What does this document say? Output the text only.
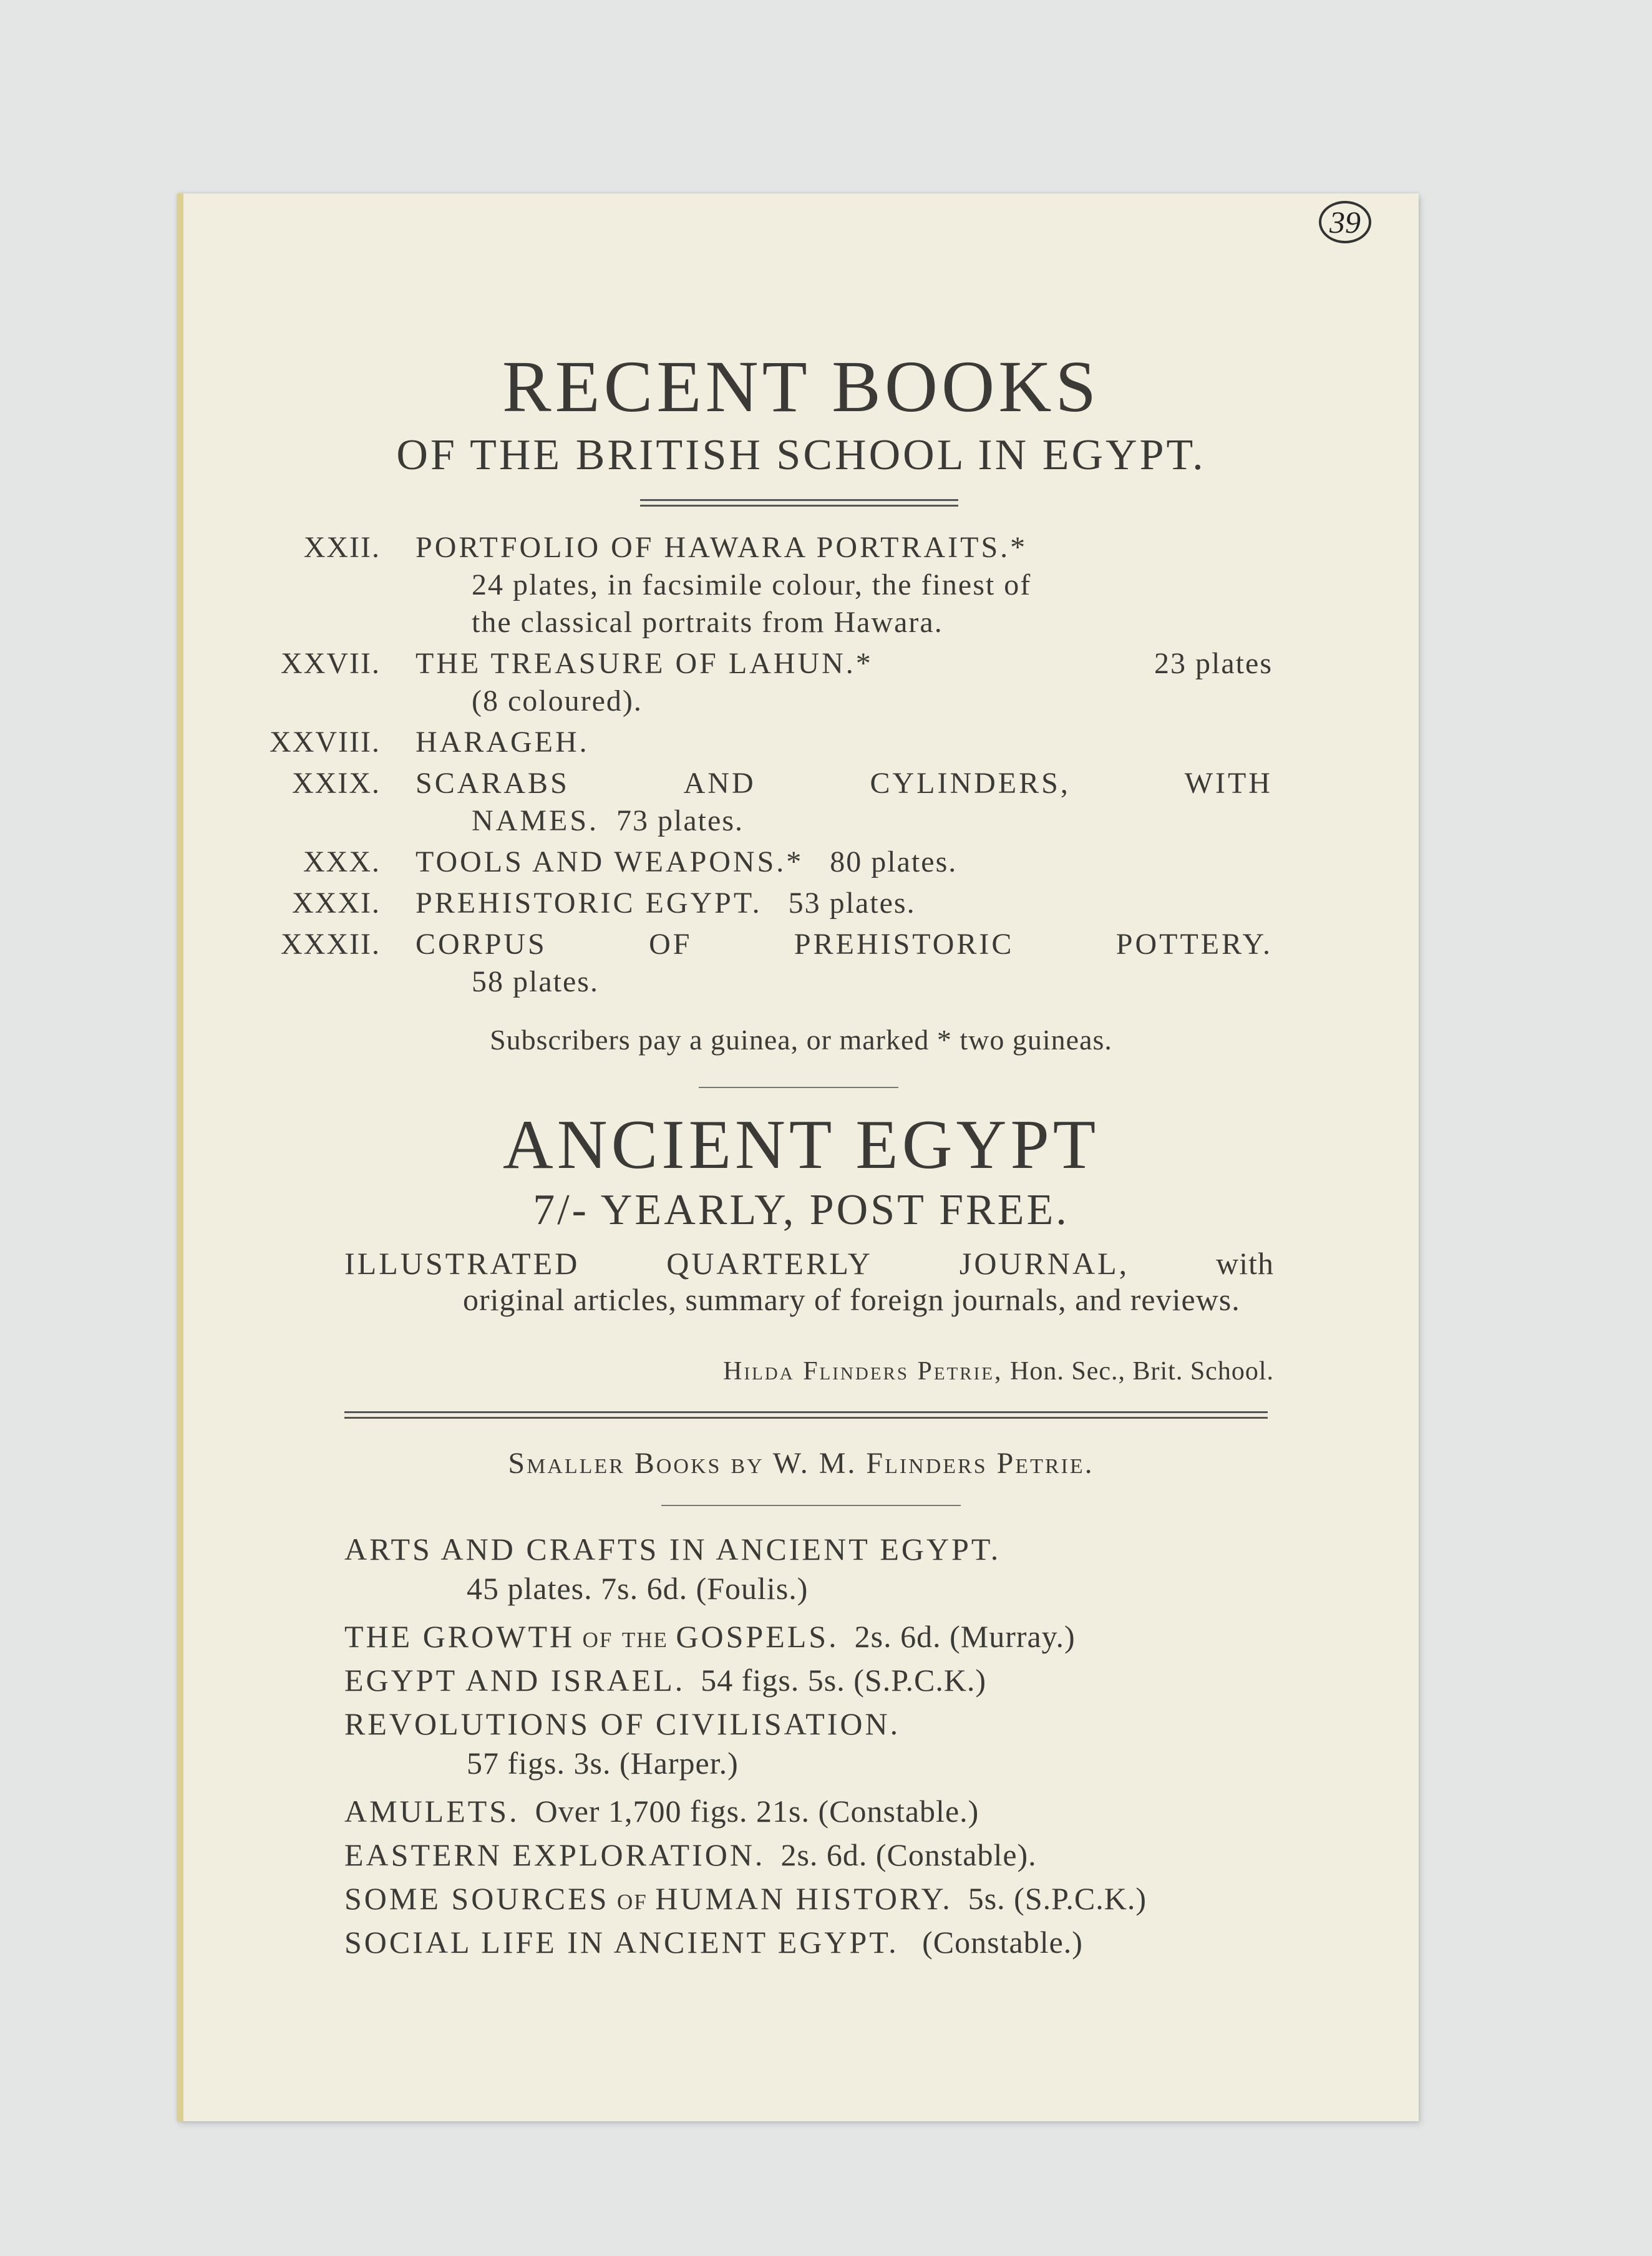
39
RECENT BOOKS
OF THE BRITISH SCHOOL IN EGYPT.
XXII.	PORTFOLIO OF HAWARA PORTRAITS.*
24 plates, in facsimile colour, the finest of
the classical portraits from Hawara.
XXVII.	THE TREASURE OF LAHUN.*	23 plates
(8 coloured).
XXVIII.	HARAGEH.
XXIX.	SCARABS	AND	CYLINDERS,	WITH
NAMES. 73 plates.
XXX.	TOOLS AND WEAPONS.* 80 plates.
XXXI.	PREHISTORIC EGYPT. 53 plates.
XXXII.	CORPUS	OF	PREHISTORIC	POTTERY.
58 plates.
Subscribers pay a guinea, or marked * two guineas.
ANCIENT EGYPT
7/- YEARLY, POST FREE.
ILLUSTRATED	QUARTERLY	JOURNAL,	with
original articles, summary of foreign journals, and reviews.
Hilda Flinders Petrie, Hon. Sec., Brit. School.
Smaller Books by W. M. Flinders Petrie.
ARTS AND CRAFTS IN ANCIENT EGYPT.
45 plates. 7s. 6d. (Foulis.)
THE GROWTH of the GOSPELS. 2s. 6d. (Murray.)
EGYPT AND ISRAEL. 54 figs. 5s. (S.P.C.K.)
REVOLUTIONS OF CIVILISATION.
57 figs. 3s. (Harper.)
AMULETS. Over 1,700 figs. 21s. (Constable.)
EASTERN EXPLORATION. 2s. 6d. (Constable).
SOME SOURCES of HUMAN HISTORY. 5s. (S.P.C.K.)
SOCIAL LIFE IN ANCIENT EGYPT. (Constable.)
